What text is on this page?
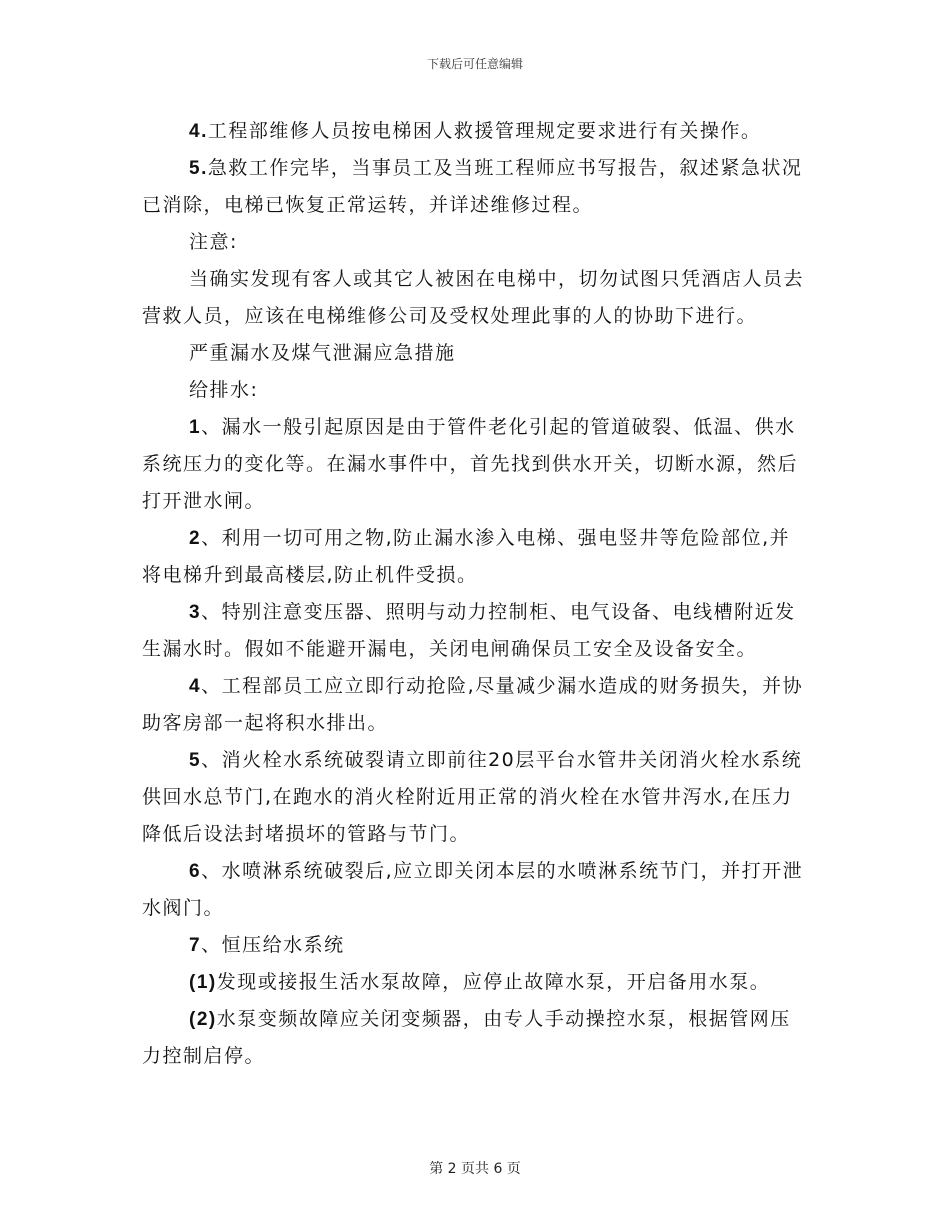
下载后可任意编辑

4.工程部维修人员按电梯困人救援管理规定要求进行有关操作。

5.急救工作完毕，当事员工及当班工程师应书写报告，叙述紧急状况已消除，电梯已恢复正常运转，并详述维修过程。

注意:

当确实发现有客人或其它人被困在电梯中，切勿试图只凭酒店人员去营救人员，应该在电梯维修公司及受权处理此事的人的协助下进行。

严重漏水及煤气泄漏应急措施

给排水:

1、漏水一般引起原因是由于管件老化引起的管道破裂、低温、供水系统压力的变化等。在漏水事件中，首先找到供水开关，切断水源，然后打开泄水闸。

2、利用一切可用之物,防止漏水渗入电梯、强电竖井等危险部位,并将电梯升到最高楼层,防止机件受损。

3、特别注意变压器、照明与动力控制柜、电气设备、电线槽附近发生漏水时。假如不能避开漏电，关闭电闸确保员工安全及设备安全。

4、工程部员工应立即行动抢险,尽量减少漏水造成的财务损失，并协助客房部一起将积水排出。

5、消火栓水系统破裂请立即前往20层平台水管井关闭消火栓水系统供回水总节门,在跑水的消火栓附近用正常的消火栓在水管井泻水,在压力降低后设法封堵损坏的管路与节门。

6、水喷淋系统破裂后,应立即关闭本层的水喷淋系统节门，并打开泄水阀门。

7、恒压给水系统

(1)发现或接报生活水泵故障，应停止故障水泵，开启备用水泵。

(2)水泵变频故障应关闭变频器，由专人手动操控水泵，根据管网压力控制启停。

第 2 页共 6 页
